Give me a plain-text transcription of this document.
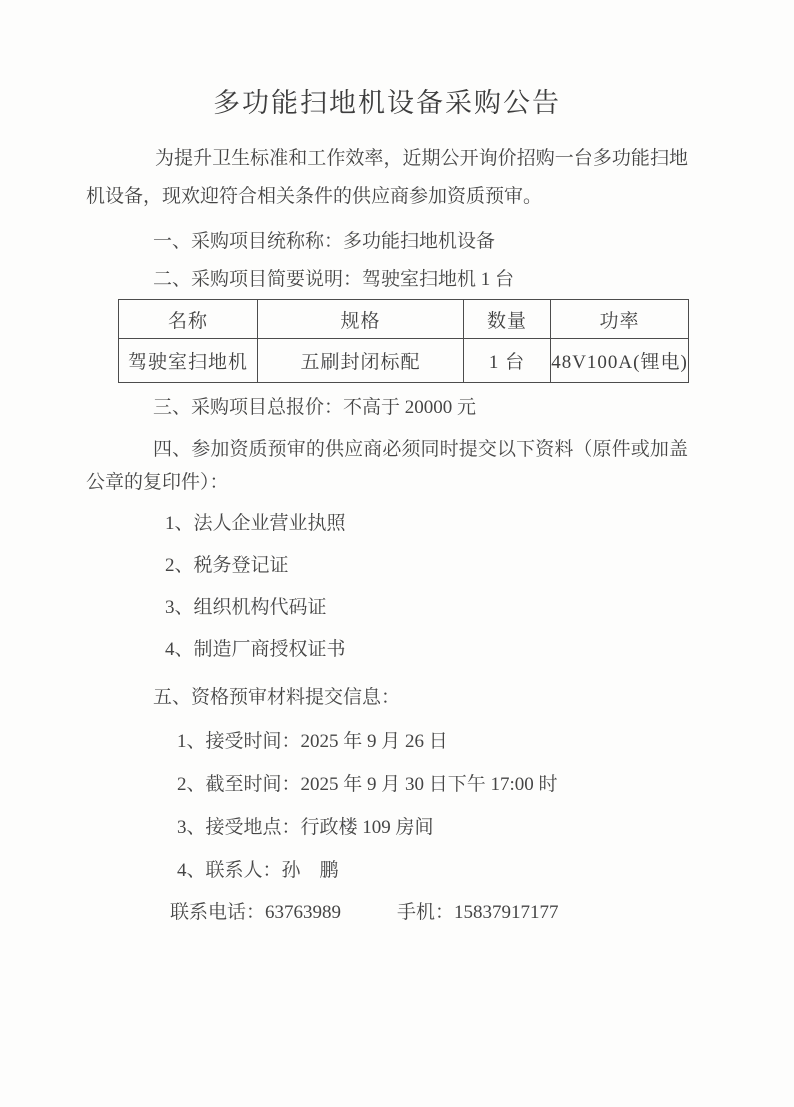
多功能扫地机设备采购公告

为提升卫生标准和工作效率，近期公开询价招购一台多功能扫地机设备，现欢迎符合相关条件的供应商参加资质预审。

一、采购项目统称称：多功能扫地机设备
二、采购项目简要说明：驾驶室扫地机 1 台
名称	规格	数量	功率
驾驶室扫地机	五刷封闭标配	1 台	48V100A(锂电)
三、采购项目总报价：不高于 20000 元

四、参加资质预审的供应商必须同时提交以下资料（原件或加盖公章的复印件）：

1、法人企业营业执照
2、税务登记证
3、组织机构代码证
4、制造厂商授权证书
五、资格预审材料提交信息：
1、接受时间：2025 年 9 月 26 日
2、截至时间：2025 年 9 月 30 日下午 17:00 时
3、接受地点：行政楼 109 房间
4、联系人：孙　鹏
联系电话：63763989	手机：15837917177
